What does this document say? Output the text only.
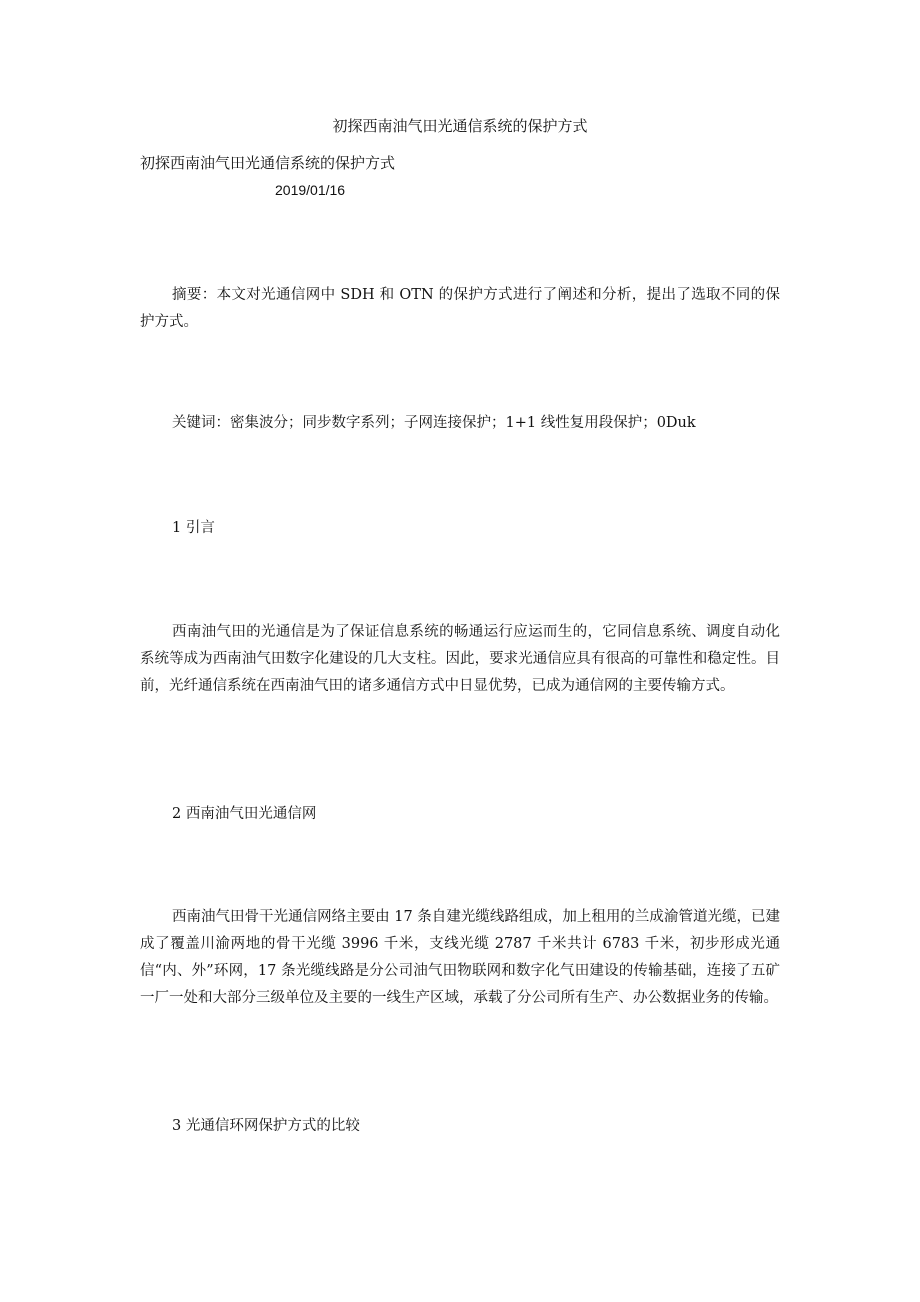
初探西南油气田光通信系统的保护方式
初探西南油气田光通信系统的保护方式
2019/01/16

摘要：本文对光通信网中 SDH 和 OTN 的保护方式进行了阐述和分析，提出了选取不同的保护方式。

关键词：密集波分；同步数字系列；子网连接保护；1+1 线性复用段保护；0Duk

1 引言

西南油气田的光通信是为了保证信息系统的畅通运行应运而生的，它同信息系统、调度自动化系统等成为西南油气田数字化建设的几大支柱。因此，要求光通信应具有很高的可靠性和稳定性。目前，光纤通信系统在西南油气田的诸多通信方式中日显优势，已成为通信网的主要传输方式。

2 西南油气田光通信网

西南油气田骨干光通信网络主要由 17 条自建光缆线路组成，加上租用的兰成渝管道光缆，已建成了覆盖川渝两地的骨干光缆 3996 千米，支线光缆 2787 千米共计 6783 千米，初步形成光通信“内、外”环网，17 条光缆线路是分公司油气田物联网和数字化气田建设的传输基础，连接了五矿一厂一处和大部分三级单位及主要的一线生产区域，承载了分公司所有生产、办公数据业务的传输。

3 光通信环网保护方式的比较
